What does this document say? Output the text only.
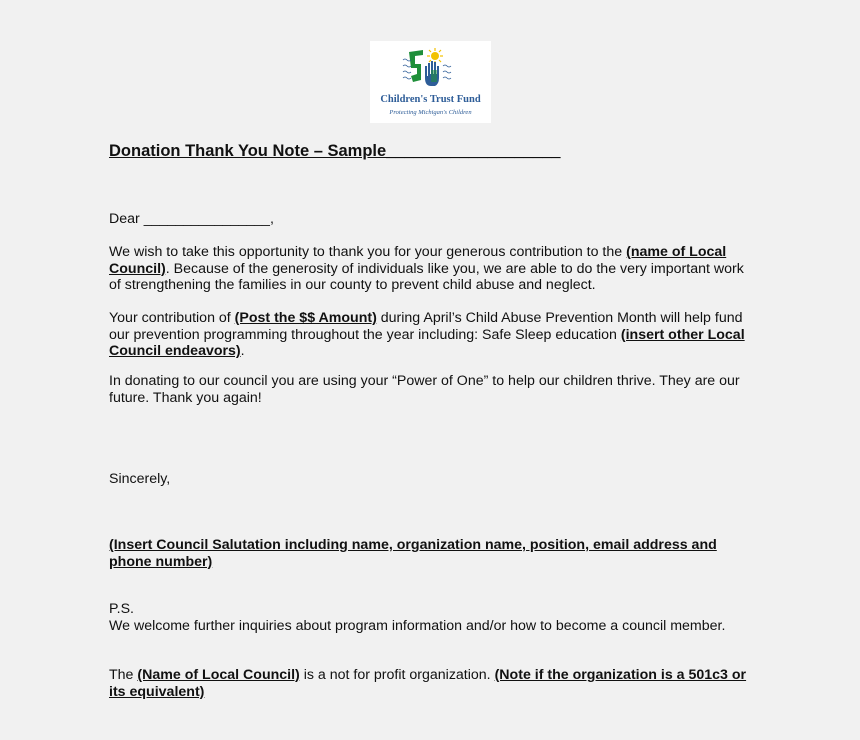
Children's Trust Fund
Protecting Michigan's Children
Donation Thank You Note – Sample___________________
Dear ________________,
We wish to take this opportunity to thank you for your generous contribution to the (name of Local Council). Because of the generosity of individuals like you, we are able to do the very important work of strengthening the families in our county to prevent child abuse and neglect.
Your contribution of (Post the $$ Amount) during April’s Child Abuse Prevention Month will help fund our prevention programming throughout the year including: Safe Sleep education (insert other Local Council endeavors).
In donating to our council you are using your “Power of One” to help our children thrive. They are our future. Thank you again!
Sincerely,
(Insert Council Salutation including name, organization name, position, email address and phone number)
P.S.
We welcome further inquiries about program information and/or how to become a council member.
The (Name of Local Council) is a not for profit organization. (Note if the organization is a 501c3 or its equivalent)
